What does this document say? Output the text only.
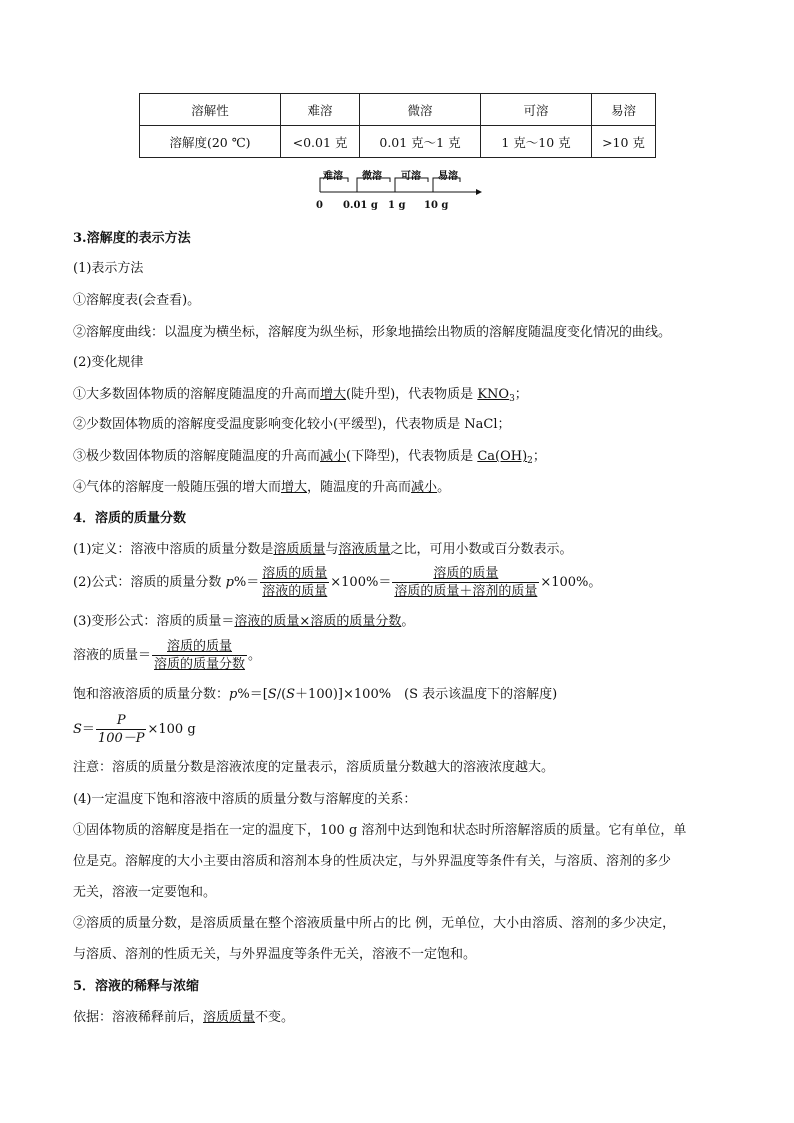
溶解性	难溶	微溶	可溶	易溶
溶解度(20 ℃)	<0.01 克	0.01 克～1 克	1 克～10 克	>10 克
难溶 微溶 可溶 易溶
0 0.01 g 1 g 10 g
3.溶解度的表示方法
(1)表示方法
①溶解度表(会查看)。
②溶解度曲线：以温度为横坐标，溶解度为纵坐标，形象地描绘出物质的溶解度随温度变化情况的曲线。
(2)变化规律
①大多数固体物质的溶解度随温度的升高而增大(陡升型)，代表物质是 $KNO_3$；
②少数固体物质的溶解度受温度影响变化较小(平缓型)，代表物质是 NaCl；
③极少数固体物质的溶解度随温度的升高而减小(下降型)，代表物质是 $Ca(OH)_2$；
④气体的溶解度一般随压强的增大而增大，随温度的升高而减小。
4．溶质的质量分数
(1)定义：溶液中溶质的质量分数是溶质质量与溶液质量之比，可用小数或百分数表示。
(2)公式：溶质的质量分数 $p\%= \frac{\text{溶质的质量}}{\text{溶液的质量}} \times 100\%= \frac{\text{溶质的质量}}{\text{溶质的质量＋溶剂的质量}} \times 100\%$。
(3)变形公式：溶质的质量＝溶液的质量×溶质的质量分数。
溶液的质量＝ $\frac{\text{溶质的质量}}{\text{溶质的质量分数}}$ 。
饱和溶液溶质的质量分数：p%＝[S/(S＋100)]×100%　(S 表示该温度下的溶解度)
$S= \frac{P}{100-P} \times 100$ g
注意：溶质的质量分数是溶液浓度的定量表示，溶质质量分数越大的溶液浓度越大。
(4)一定温度下饱和溶液中溶质的质量分数与溶解度的关系：
①固体物质的溶解度是指在一定的温度下，100 g 溶剂中达到饱和状态时所溶解溶质的质量。它有单位，单
位是克。溶解度的大小主要由溶质和溶剂本身的性质决定，与外界温度等条件有关，与溶质、溶剂的多少
无关，溶液一定要饱和。
②溶质的质量分数，是溶质质量在整个溶液质量中所占的比 例，无单位，大小由溶质、溶剂的多少决定，
与溶质、溶剂的性质无关，与外界温度等条件无关，溶液不一定饱和。
5．溶液的稀释与浓缩
依据：溶液稀释前后，溶质质量不变。
